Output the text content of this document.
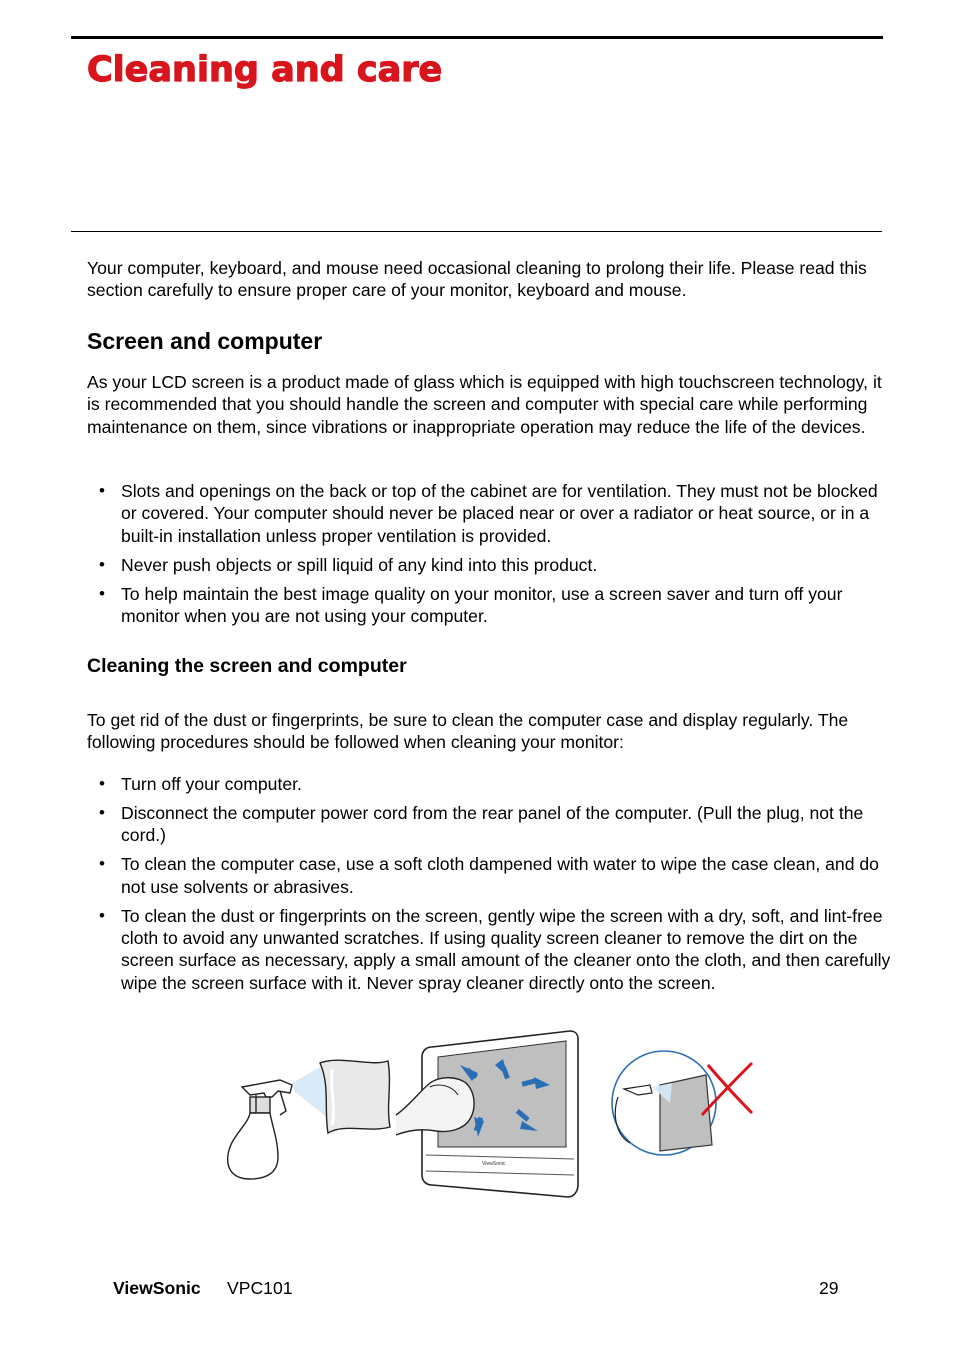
Cleaning and care

Your computer, keyboard, and mouse need occasional cleaning to prolong their life. Please read this section carefully to ensure proper care of your monitor, keyboard and mouse.

Screen and computer

As your LCD screen is a product made of glass which is equipped with high touchscreen technology, it is recommended that you should handle the screen and computer with special care while performing maintenance on them, since vibrations or inappropriate operation may reduce the life of the devices.

• Slots and openings on the back or top of the cabinet are for ventilation. They must not be blocked or covered. Your computer should never be placed near or over a radiator or heat source, or in a built-in installation unless proper ventilation is provided.
• Never push objects or spill liquid of any kind into this product.
• To help maintain the best image quality on your monitor, use a screen saver and turn off your monitor when you are not using your computer.
Cleaning the screen and computer

To get rid of the dust or fingerprints, be sure to clean the computer case and display regularly. The following procedures should be followed when cleaning your monitor:

• Turn off your computer.
• Disconnect the computer power cord from the rear panel of the computer. (Pull the plug, not the cord.)
• To clean the computer case, use a soft cloth dampened with water to wipe the case clean, and do not use solvents or abrasives.
• To clean the dust or fingerprints on the screen, gently wipe the screen with a dry, soft, and lint-free cloth to avoid any unwanted scratches. If using quality screen cleaner to remove the dirt on the screen surface as necessary, apply a small amount of the cleaner onto the cloth, and then carefully wipe the screen surface with it. Never spray cleaner directly onto the screen.
ViewSonic
ViewSonic VPC101	29
